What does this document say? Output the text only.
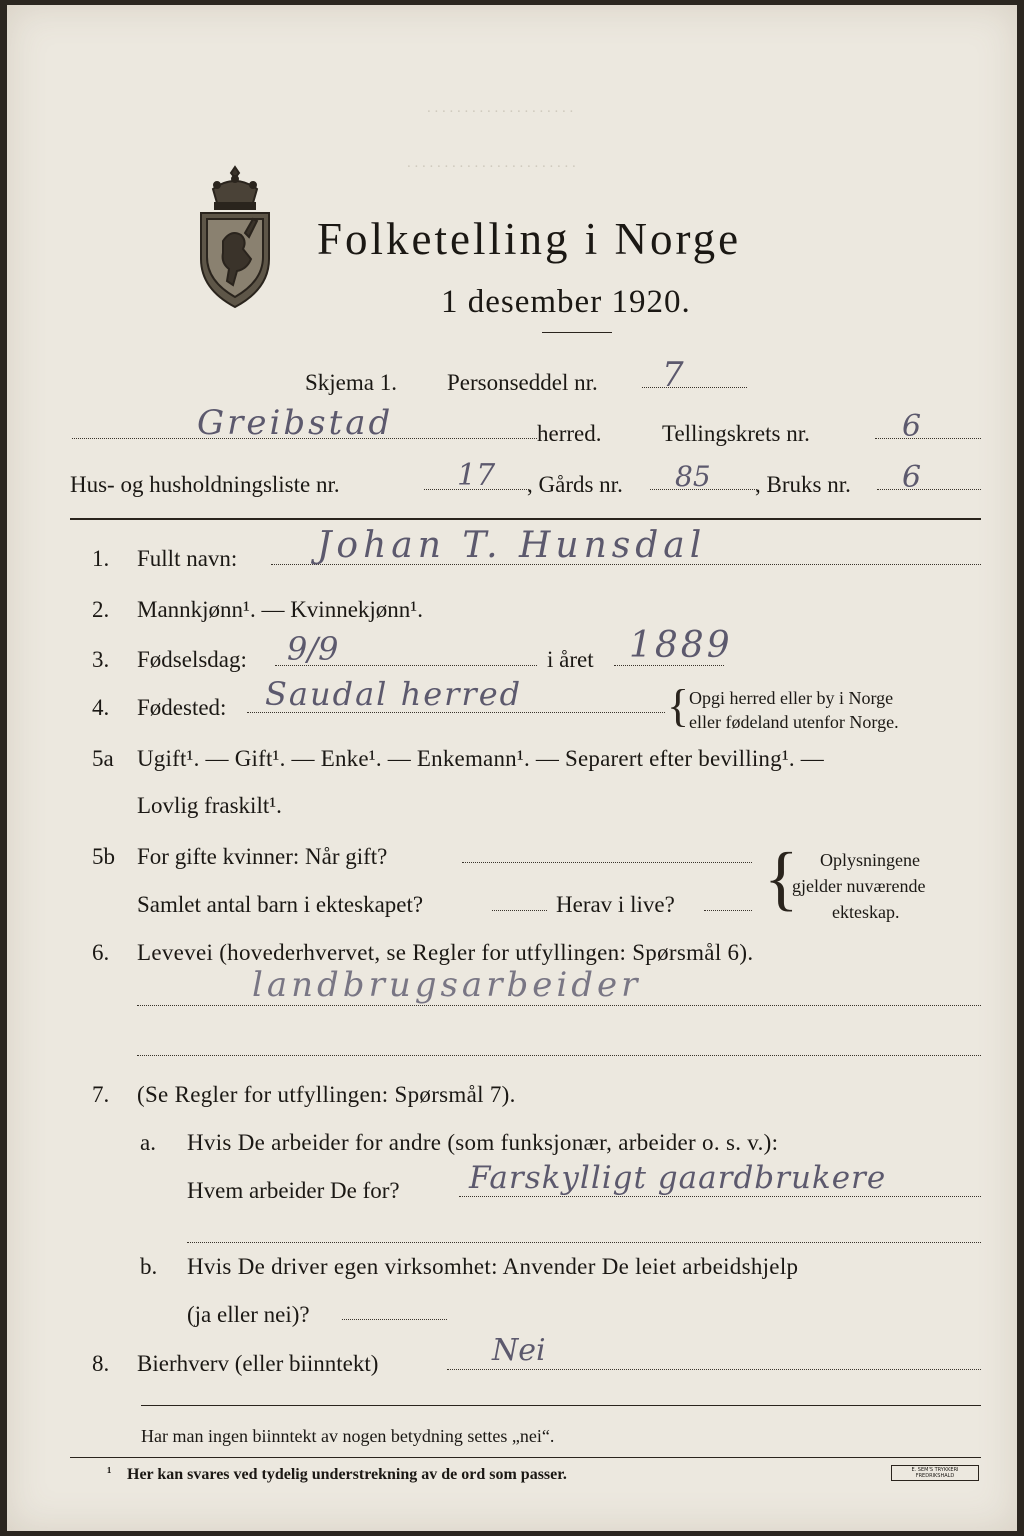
. . . . . . . . . . . . . . . . . . . .
. . . . . . . . . . . . . . . . . . . . . . .
Folketelling i Norge
1 desember 1920.
Skjema 1. Personseddel nr. 7
Greibstad	herred.	Tellingskrets nr.	6
Hus- og husholdningsliste nr.	17 , Gårds nr. 85 , Bruks nr. 6
1. Fullt navn: Johan T. Hunsdal
2. Mannkjønn¹. — Kvinnekjønn¹.
3. Fødselsdag: 9/9	i året 1889
4. Fødested: Saudal herred	{ Opgi herred eller by i Norge
eller fødeland utenfor Norge.
5a Ugift¹. — Gift¹. — Enke¹. — Enkemann¹. — Separert efter bevilling¹. —
Lovlig fraskilt¹.
5b For gifte kvinner: Når gift?
Samlet antal barn i ekteskapet?	Herav i live? { Oplysningene
gjelder nuværende
ekteskap.
6. Levevei (hovederhvervet, se Regler for utfyllingen: Spørsmål 6).
landbrugsarbeider
7. (Se Regler for utfyllingen: Spørsmål 7).
a. Hvis De arbeider for andre (som funksjonær, arbeider o. s. v.):
Hvem arbeider De for? Farskylligt gaardbrukere
b. Hvis De driver egen virksomhet: Anvender De leiet arbeidshjelp
(ja eller nei)?
8. Bierhverv (eller biinntekt)	Nei
Har man ingen biinntekt av nogen betydning settes „nei“.
¹ Her kan svares ved tydelig understrekning av de ord som passer.	E. SEM'S TRYKKERI FREDRIKSHALD
